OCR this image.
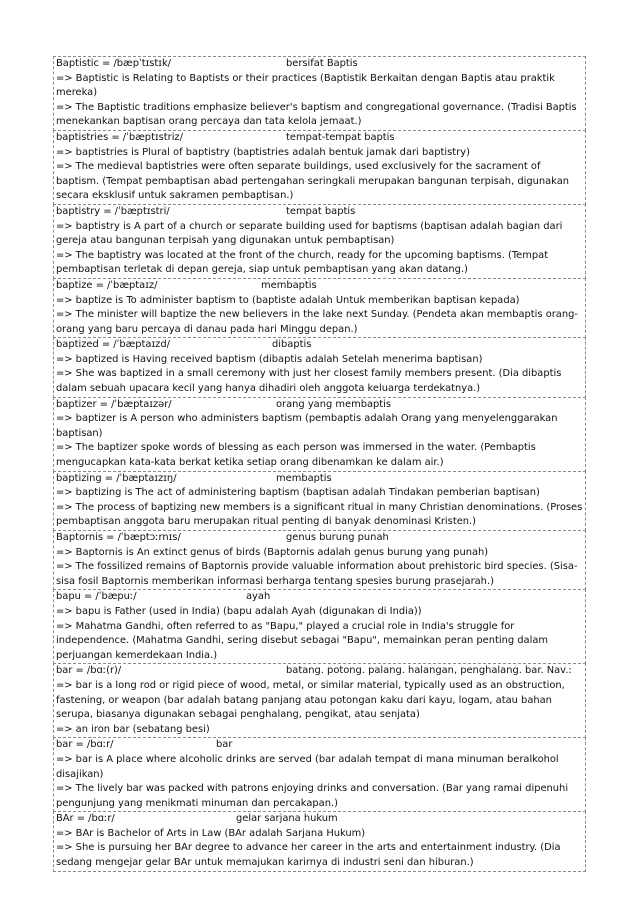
Baptistic = /bæpˈtɪstɪk/	bersifat Baptis
=> Baptistic is Relating to Baptists or their practices (Baptistik Berkaitan dengan Baptis atau praktik mereka)
=> The Baptistic traditions emphasize believer's baptism and congregational governance. (Tradisi Baptis menekankan baptisan orang percaya dan tata kelola jemaat.)
baptistries = /ˈbæptɪstriz/	tempat-tempat baptis
=> baptistries is Plural of baptistry (baptistries adalah bentuk jamak dari baptistry)
=> The medieval baptistries were often separate buildings, used exclusively for the sacrament of baptism. (Tempat pembaptisan abad pertengahan seringkali merupakan bangunan terpisah, digunakan secara eksklusif untuk sakramen pembaptisan.)
baptistry = /ˈbæptɪstri/	tempat baptis
=> baptistry is A part of a church or separate building used for baptisms (baptisan adalah bagian dari gereja atau bangunan terpisah yang digunakan untuk pembaptisan)
=> The baptistry was located at the front of the church, ready for the upcoming baptisms. (Tempat pembaptisan terletak di depan gereja, siap untuk pembaptisan yang akan datang.)
baptize = /ˈbæptaɪz/	membaptis
=> baptize is To administer baptism to (baptiste adalah Untuk memberikan baptisan kepada)
=> The minister will baptize the new believers in the lake next Sunday. (Pendeta akan membaptis orang-orang yang baru percaya di danau pada hari Minggu depan.)
baptized = /ˈbæptaɪzd/	dibaptis
=> baptized is Having received baptism (dibaptis adalah Setelah menerima baptisan)
=> She was baptized in a small ceremony with just her closest family members present. (Dia dibaptis dalam sebuah upacara kecil yang hanya dihadiri oleh anggota keluarga terdekatnya.)
baptizer = /ˈbæptaɪzər/	orang yang membaptis
=> baptizer is A person who administers baptism (pembaptis adalah Orang yang menyelenggarakan baptisan)
=> The baptizer spoke words of blessing as each person was immersed in the water. (Pembaptis mengucapkan kata-kata berkat ketika setiap orang dibenamkan ke dalam air.)
baptizing = /ˈbæptaɪzɪŋ/	membaptis
=> baptizing is The act of administering baptism (baptisan adalah Tindakan pemberian baptisan)
=> The process of baptizing new members is a significant ritual in many Christian denominations. (Proses pembaptisan anggota baru merupakan ritual penting di banyak denominasi Kristen.)
Baptornis = /ˈbæptɔːrnɪs/	genus burung punah
=> Baptornis is An extinct genus of birds (Baptornis adalah genus burung yang punah)
=> The fossilized remains of Baptornis provide valuable information about prehistoric bird species. (Sisa-sisa fosil Baptornis memberikan informasi berharga tentang spesies burung prasejarah.)
bapu = /ˈbæpuː/	ayah
=> bapu is Father (used in India) (bapu adalah Ayah (digunakan di India))
=> Mahatma Gandhi, often referred to as "Bapu," played a crucial role in India's struggle for independence. (Mahatma Gandhi, sering disebut sebagai "Bapu", memainkan peran penting dalam perjuangan kemerdekaan India.)
bar = /bɑː(r)/	batang. potong. palang. halangan, penghalang. bar. Nav.:
=> bar is a long rod or rigid piece of wood, metal, or similar material, typically used as an obstruction, fastening, or weapon (bar adalah batang panjang atau potongan kaku dari kayu, logam, atau bahan serupa, biasanya digunakan sebagai penghalang, pengikat, atau senjata)
=> an iron bar (sebatang besi)
bar = /bɑːr/	bar
=> bar is A place where alcoholic drinks are served (bar adalah tempat di mana minuman beralkohol disajikan)
=> The lively bar was packed with patrons enjoying drinks and conversation. (Bar yang ramai dipenuhi pengunjung yang menikmati minuman dan percakapan.)
BAr = /bɑːr/	gelar sarjana hukum
=> BAr is Bachelor of Arts in Law (BAr adalah Sarjana Hukum)
=> She is pursuing her BAr degree to advance her career in the arts and entertainment industry. (Dia sedang mengejar gelar BAr untuk memajukan karirnya di industri seni dan hiburan.)
